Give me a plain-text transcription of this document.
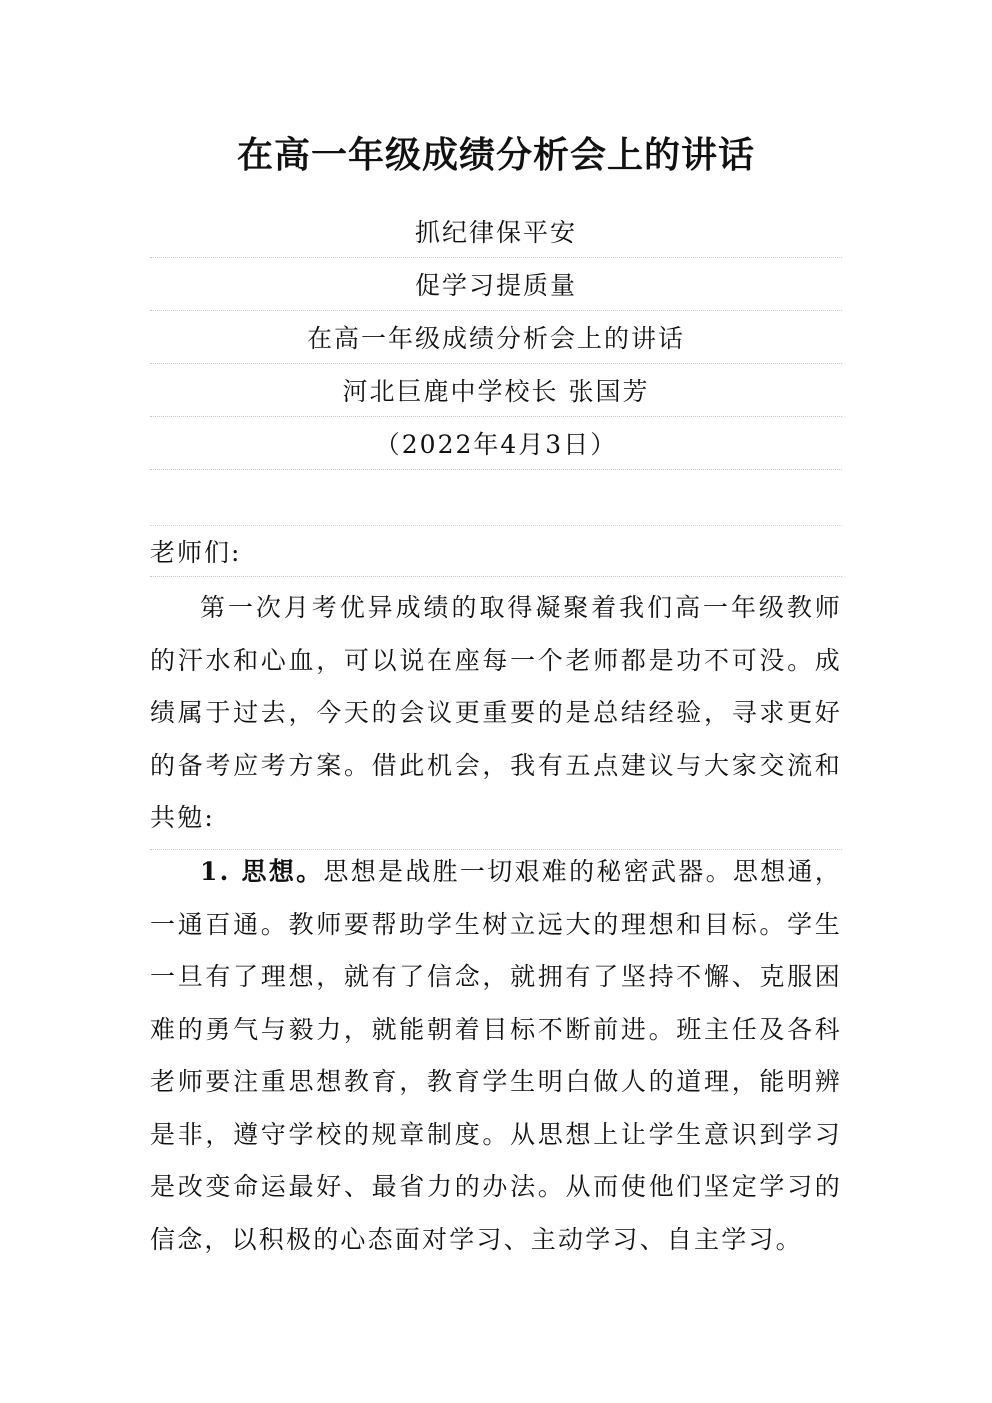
在高一年级成绩分析会上的讲话
抓纪律保平安
促学习提质量
在高一年级成绩分析会上的讲话
河北巨鹿中学校长 张国芳
（2022年4月3日）
老师们:
第一次月考优异成绩的取得凝聚着我们高一年级教师的汗水和心血，可以说在座每一个老师都是功不可没。成绩属于过去，今天的会议更重要的是总结经验，寻求更好的备考应考方案。借此机会，我有五点建议与大家交流和共勉:
1. 思想。思想是战胜一切艰难的秘密武器。思想通，一通百通。教师要帮助学生树立远大的理想和目标。学生一旦有了理想，就有了信念，就拥有了坚持不懈、克服困难的勇气与毅力，就能朝着目标不断前进。班主任及各科老师要注重思想教育，教育学生明白做人的道理，能明辨是非，遵守学校的规章制度。从思想上让学生意识到学习是改变命运最好、最省力的办法。从而使他们坚定学习的信念，以积极的心态面对学习、主动学习、自主学习。
